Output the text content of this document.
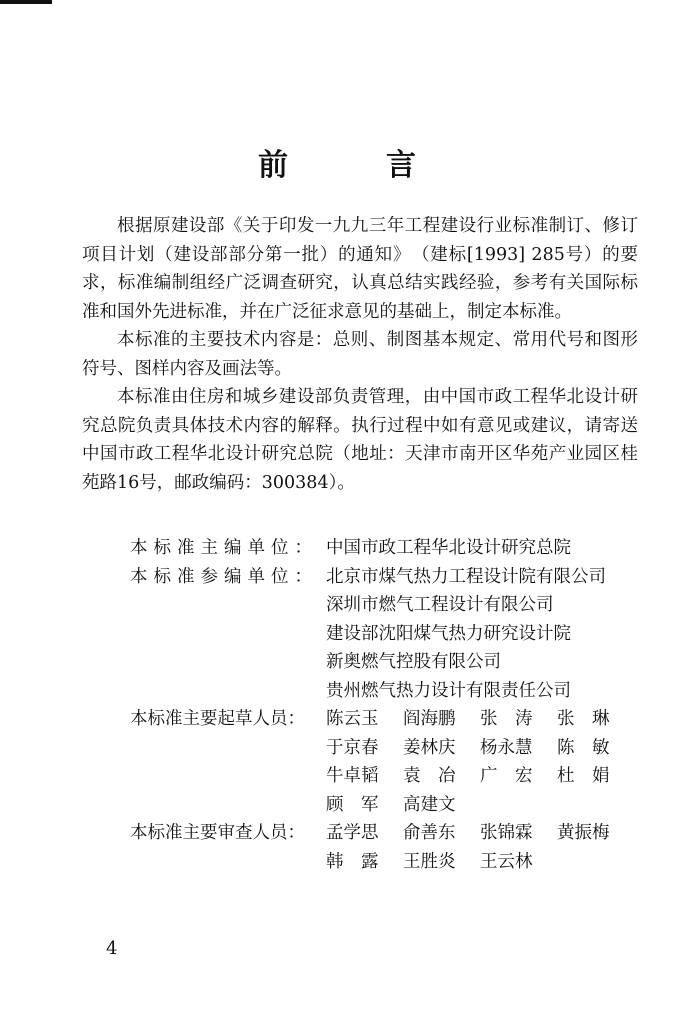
前　言

根据原建设部《关于印发一九九三年工程建设行业标准制订、修订项目计划（建设部部分第一批）的通知》　（建标[1993] 285号）的要求，标准编制组经广泛调查研究，认真总结实践经验，参考有关国际标准和国外先进标准，并在广泛征求意见的基础上，制定本标准。

本标准的主要技术内容是：总则、制图基本规定、常用代号和图形符号、图样内容及画法等。

本标准由住房和城乡建设部负责管理，由中国市政工程华北设计研究总院负责具体技术内容的解释。执行过程中如有意见或建议，请寄送中国市政工程华北设计研究总院（地址：天津市南开区华苑产业园区桂苑路16号，邮政编码：300384）。

本标准主编单位： 中国市政工程华北设计研究总院
本标准参编单位： 北京市煤气热力工程设计院有限公司
深圳市燃气工程设计有限公司
建设部沈阳煤气热力研究设计院
新奥燃气控股有限公司
贵州燃气热力设计有限责任公司
本标准主要起草人员：	陈云玉	阎海鹏	张　涛	张　琳
于京春	姜林庆	杨永慧	陈　敏
牛卓韬	袁　冶	广　宏	杜　娟
顾　军	高建文
本标准主要审查人员：	孟学思	俞善东	张锦霖	黄振梅
韩　露	王胜炎	王云林
4
